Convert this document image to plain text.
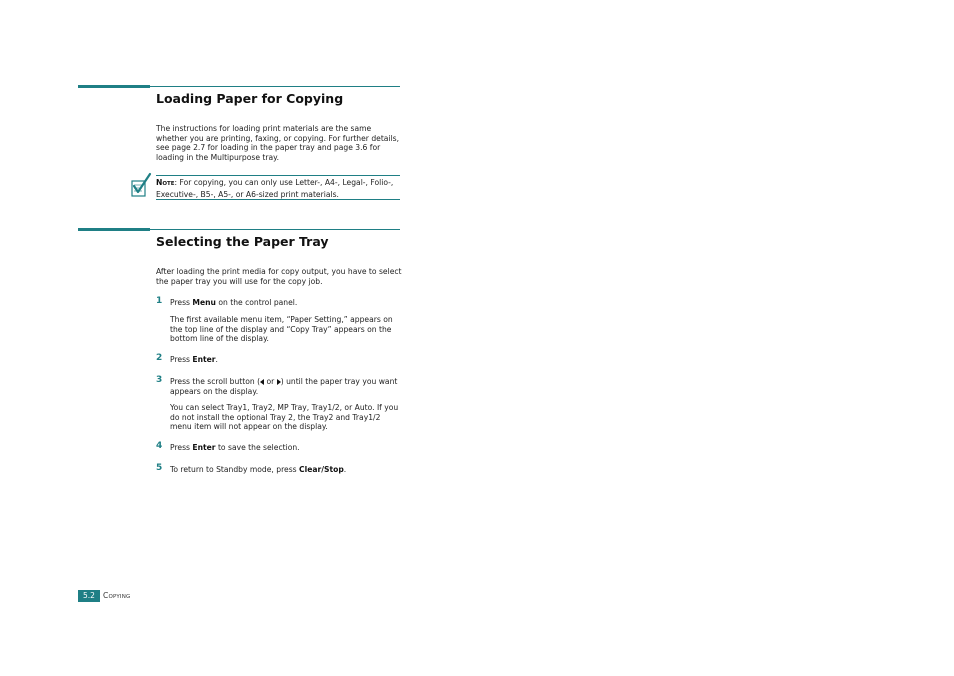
Loading Paper for Copying
The instructions for loading print materials are the same whether you are printing, faxing, or copying. For further details, see page 2.7 for loading in the paper tray and page 3.6 for loading in the Multipurpose tray.
NOTE: For copying, you can only use Letter-, A4-, Legal-, Folio-, Executive-, B5-, A5-, or A6-sized print materials.
Selecting the Paper Tray
After loading the print media for copy output, you have to select the paper tray you will use for the copy job.
1 Press Menu on the control panel.
The first available menu item, “Paper Setting,” appears on the top line of the display and “Copy Tray” appears on the bottom line of the display.
2 Press Enter.
3 Press the scroll button ( or ) until the paper tray you want appears on the display.
You can select Tray1, Tray2, MP Tray, Tray1/2, or Auto. If you do not install the optional Tray 2, the Tray2 and Tray1/2 menu item will not appear on the display.
4 Press Enter to save the selection.
5 To return to Standby mode, press Clear/Stop.
5.2	COPYING
